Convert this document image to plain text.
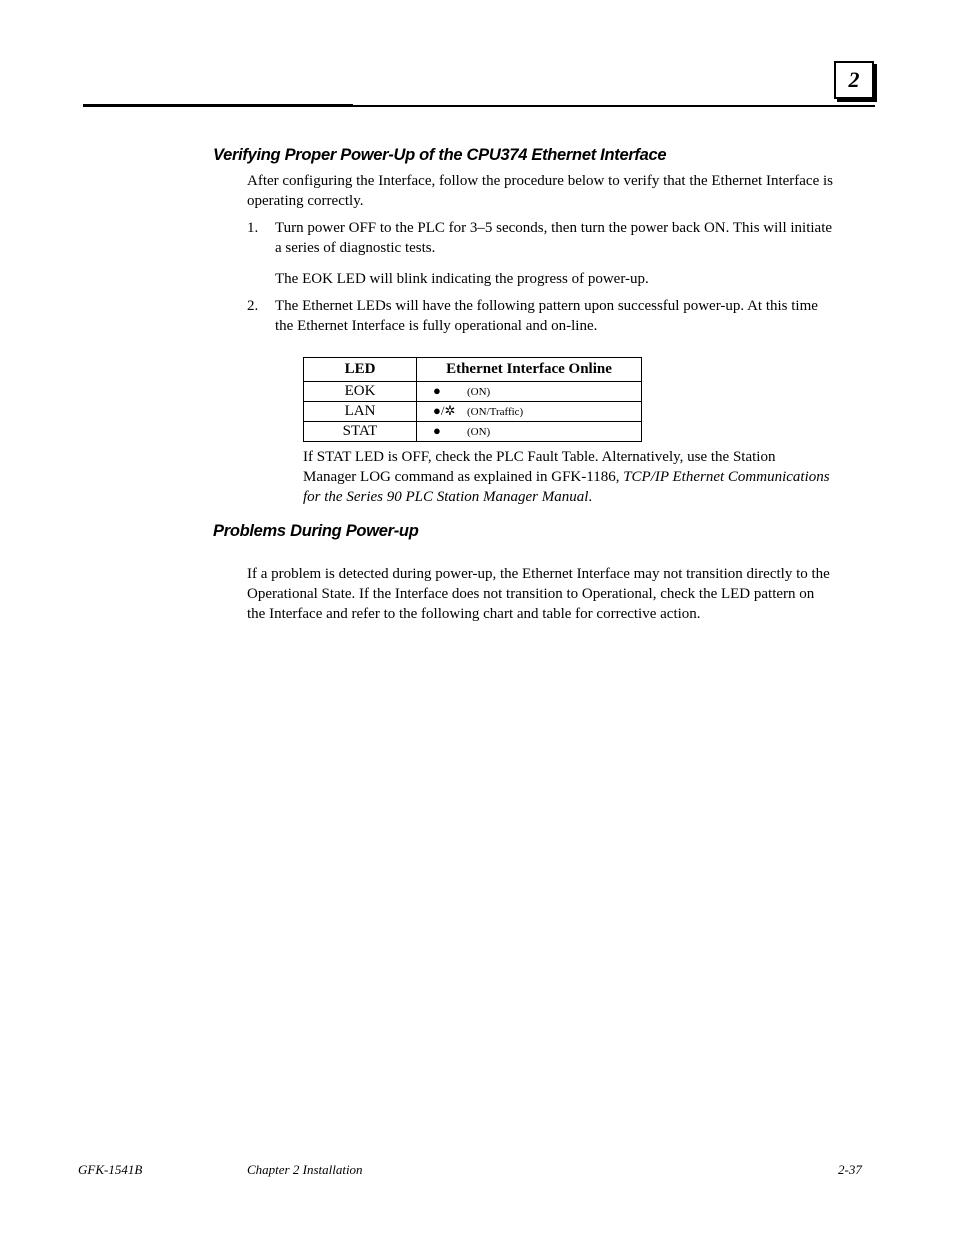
2
Verifying Proper Power-Up of the CPU374 Ethernet Interface

After configuring the Interface, follow the procedure below to verify that the Ethernet Interface is
operating correctly.

1. Turn power OFF to the PLC for 3–5 seconds, then turn the power back ON. This will initiate
a series of diagnostic tests.

The EOK LED will blink indicating the progress of power-up.

2. The Ethernet LEDs will have the following pattern upon successful power-up. At this time
the Ethernet Interface is fully operational and on-line.

LED	Ethernet Interface Online
EOK	● (ON)
LAN	●/✲ (ON/Traffic)
STAT	● (ON)

If STAT LED is OFF, check the PLC Fault Table. Alternatively, use the Station
Manager LOG command as explained in GFK-1186, TCP/IP Ethernet Communications
for the Series 90 PLC Station Manager Manual.

Problems During Power-up

If a problem is detected during power-up, the Ethernet Interface may not transition directly to the
Operational State. If the Interface does not transition to Operational, check the LED pattern on
the Interface and refer to the following chart and table for corrective action.

GFK-1541B	Chapter 2 Installation	2-37
